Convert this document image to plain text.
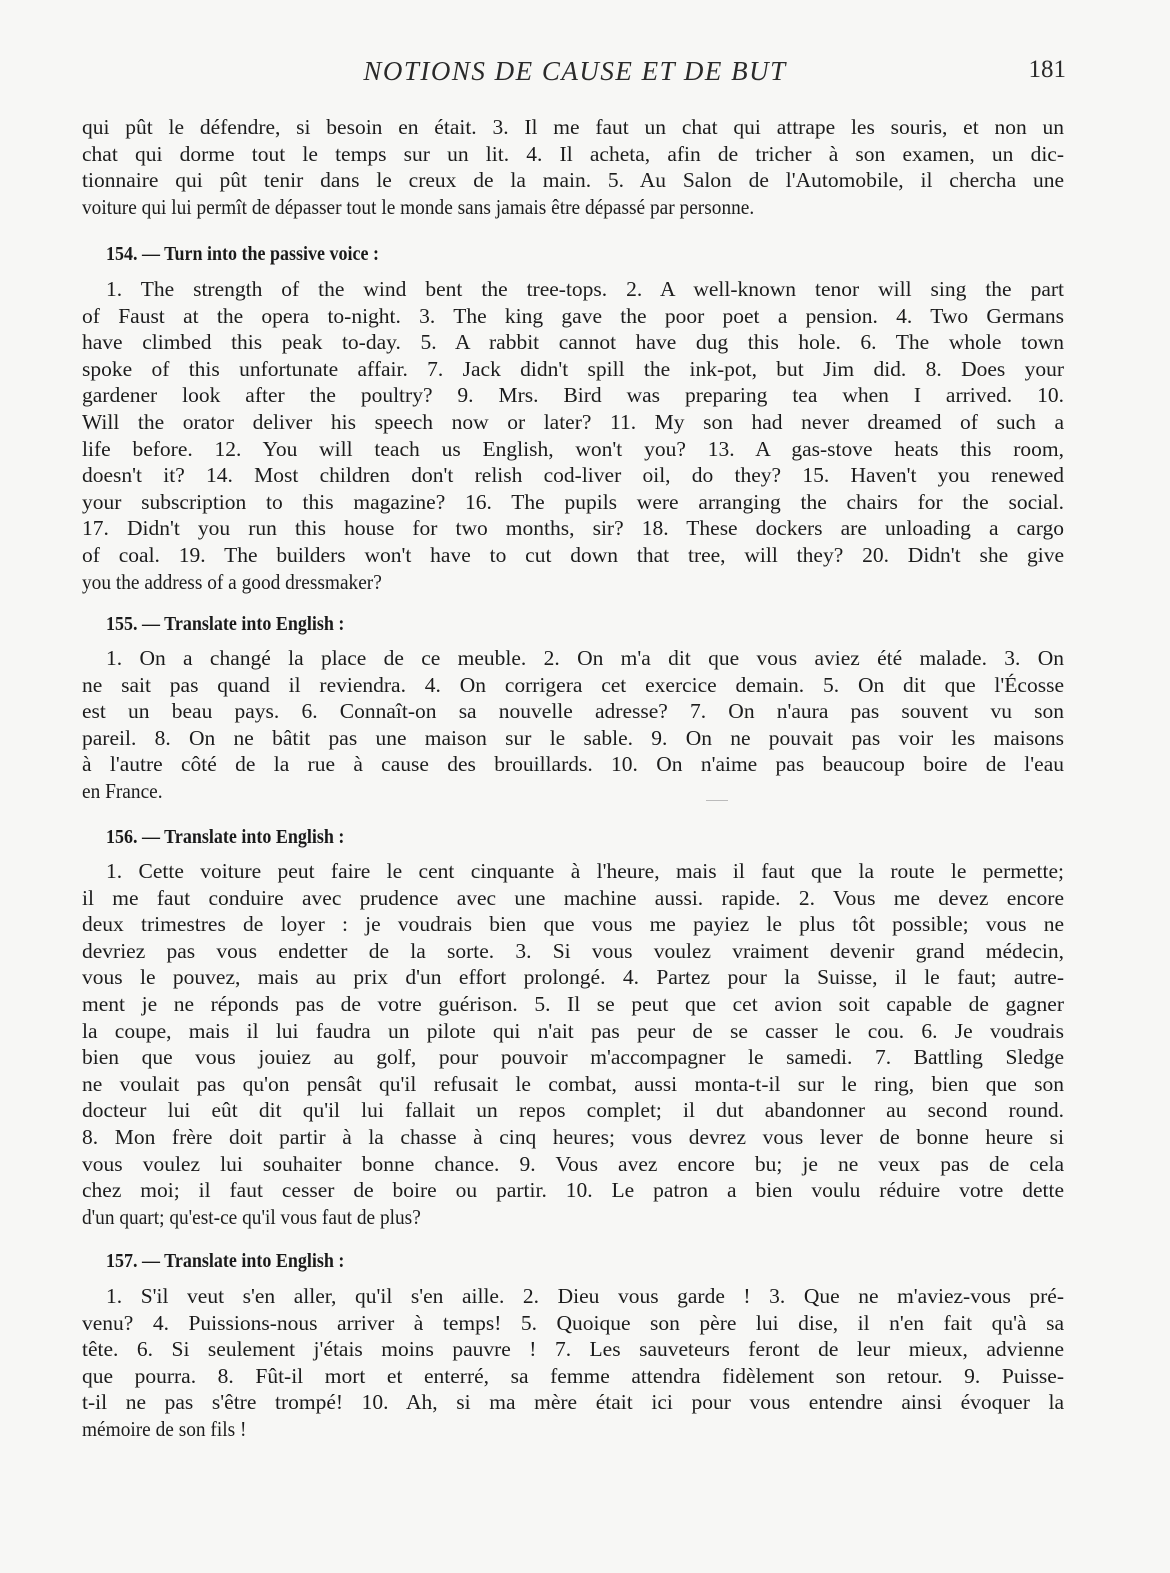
NOTIONS DE CAUSE ET DE BUT	181
qui pût le défendre, si besoin en était. 3. Il me faut un chat qui attrape les souris, et non un
chat qui dorme tout le temps sur un lit. 4. Il acheta, afin de tricher à son examen, un dic-
tionnaire qui pût tenir dans le creux de la main. 5. Au Salon de l'Automobile, il chercha une
voiture qui lui permît de dépasser tout le monde sans jamais être dépassé par personne.
154. — Turn into the passive voice :
1. The strength of the wind bent the tree-tops. 2. A well-known tenor will sing the part
of Faust at the opera to-night. 3. The king gave the poor poet a pension. 4. Two Germans
have climbed this peak to-day. 5. A rabbit cannot have dug this hole. 6. The whole town
spoke of this unfortunate affair. 7. Jack didn't spill the ink-pot, but Jim did. 8. Does your
gardener look after the poultry? 9. Mrs. Bird was preparing tea when I arrived. 10.
Will the orator deliver his speech now or later? 11. My son had never dreamed of such a
life before. 12. You will teach us English, won't you? 13. A gas-stove heats this room,
doesn't it? 14. Most children don't relish cod-liver oil, do they? 15. Haven't you renewed
your subscription to this magazine? 16. The pupils were arranging the chairs for the social.
17. Didn't you run this house for two months, sir? 18. These dockers are unloading a cargo
of coal. 19. The builders won't have to cut down that tree, will they? 20. Didn't she give
you the address of a good dressmaker?
155. — Translate into English :
1. On a changé la place de ce meuble. 2. On m'a dit que vous aviez été malade. 3. On
ne sait pas quand il reviendra. 4. On corrigera cet exercice demain. 5. On dit que l'Écosse
est un beau pays. 6. Connaît-on sa nouvelle adresse? 7. On n'aura pas souvent vu son
pareil. 8. On ne bâtit pas une maison sur le sable. 9. On ne pouvait pas voir les maisons
à l'autre côté de la rue à cause des brouillards. 10. On n'aime pas beaucoup boire de l'eau
en France.
156. — Translate into English :
1. Cette voiture peut faire le cent cinquante à l'heure, mais il faut que la route le permette;
il me faut conduire avec prudence avec une machine aussi. rapide. 2. Vous me devez encore
deux trimestres de loyer : je voudrais bien que vous me payiez le plus tôt possible; vous ne
devriez pas vous endetter de la sorte. 3. Si vous voulez vraiment devenir grand médecin,
vous le pouvez, mais au prix d'un effort prolongé. 4. Partez pour la Suisse, il le faut; autre-
ment je ne réponds pas de votre guérison. 5. Il se peut que cet avion soit capable de gagner
la coupe, mais il lui faudra un pilote qui n'ait pas peur de se casser le cou. 6. Je voudrais
bien que vous jouiez au golf, pour pouvoir m'accompagner le samedi. 7. Battling Sledge
ne voulait pas qu'on pensât qu'il refusait le combat, aussi monta-t-il sur le ring, bien que son
docteur lui eût dit qu'il lui fallait un repos complet; il dut abandonner au second round.
8. Mon frère doit partir à la chasse à cinq heures; vous devrez vous lever de bonne heure si
vous voulez lui souhaiter bonne chance. 9. Vous avez encore bu; je ne veux pas de cela
chez moi; il faut cesser de boire ou partir. 10. Le patron a bien voulu réduire votre dette
d'un quart; qu'est-ce qu'il vous faut de plus?
157. — Translate into English :
1. S'il veut s'en aller, qu'il s'en aille. 2. Dieu vous garde ! 3. Que ne m'aviez-vous pré-
venu? 4. Puissions-nous arriver à temps! 5. Quoique son père lui dise, il n'en fait qu'à sa
tête. 6. Si seulement j'étais moins pauvre ! 7. Les sauveteurs feront de leur mieux, advienne
que pourra. 8. Fût-il mort et enterré, sa femme attendra fidèlement son retour. 9. Puisse-
t-il ne pas s'être trompé! 10. Ah, si ma mère était ici pour vous entendre ainsi évoquer la
mémoire de son fils !
